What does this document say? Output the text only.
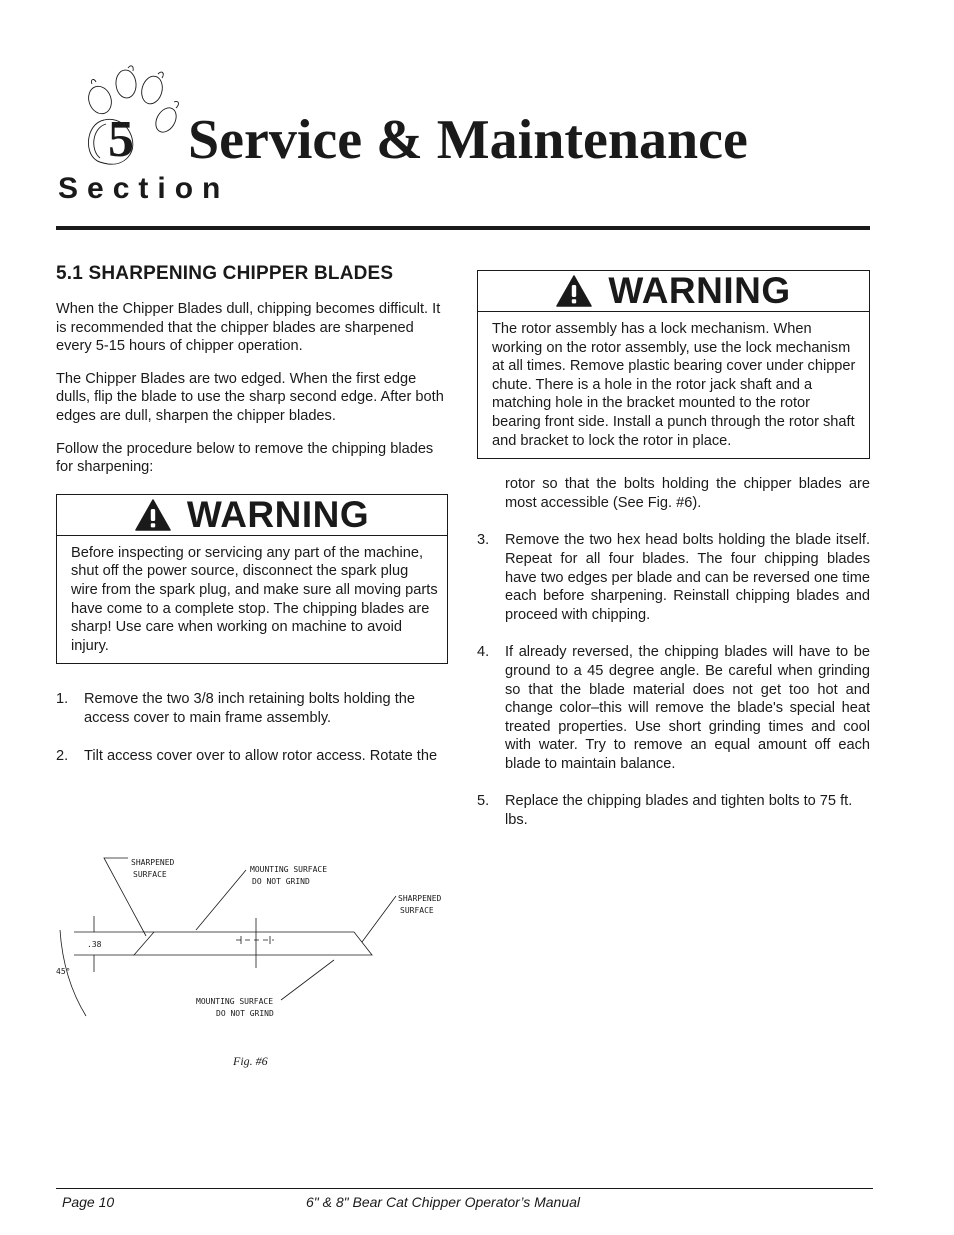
5 Service & Maintenance
Section
5.1 SHARPENING CHIPPER BLADES

When the Chipper Blades dull, chipping becomes difficult. It is recommended that the chipper blades are sharpened every 5-15 hours of chipper operation.

The Chipper Blades are two edged. When the first edge dulls, flip the blade to use the sharp second edge. After both edges are dull, sharpen the chipper blades.

Follow the procedure below to remove the chipping blades for sharpening:

WARNING
Before inspecting or servicing any part of the machine, shut off the power source, disconnect the spark plug wire from the spark plug, and make sure all moving parts have come to a complete stop. The chipping blades are sharp! Use care when working on machine to avoid injury.
1. Remove the two 3/8 inch retaining bolts holding the access cover to main frame assembly.
2. Tilt access cover over to allow rotor access. Rotate the
WARNING
The rotor assembly has a lock mechanism. When working on the rotor assembly, use the lock mechanism at all times. Remove plastic bearing cover under chipper chute. There is a hole in the rotor jack shaft and a matching hole in the bracket mounted to the rotor bearing front side. Install a punch through the rotor shaft and bracket to lock the rotor in place.
rotor so that the bolts holding the chipper blades are most accessible (See Fig. #6).
3. Remove the two hex head bolts holding the blade itself. Repeat for all four blades. The four chipping blades have two edges per blade and can be reversed one time each before sharpening. Reinstall chipping blades and proceed with chipping.
4. If already reversed, the chipping blades will have to be ground to a 45 degree angle. Be careful when grinding so that the blade material does not get too hot and change color–this will remove the blade's special heat treated properties. Use short grinding times and cool with water. Try to remove an equal amount off each blade to maintain balance.
5. Replace the chipping blades and tighten bolts to 75 ft. lbs.
SHARPENED
SURFACE
MOUNTING SURFACE
DO NOT GRIND
SHARPENED
SURFACE
.38
45°
MOUNTING SURFACE
DO NOT GRIND
Fig. #6
Page 10	6" & 8" Bear Cat Chipper Operator’s Manual
